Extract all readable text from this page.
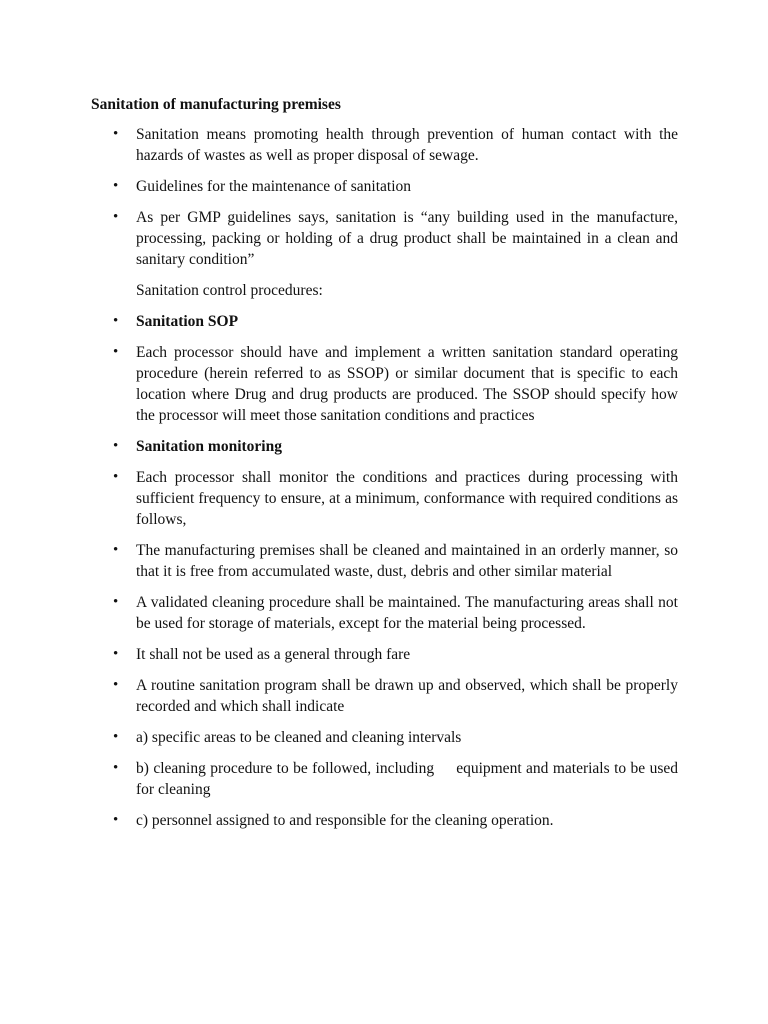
Sanitation of manufacturing premises
• Sanitation means promoting health through prevention of human contact with the hazards of wastes as well as proper disposal of sewage.
• Guidelines for the maintenance of sanitation
• As per GMP guidelines says, sanitation is “any building used in the manufacture, processing, packing or holding of a drug product shall be maintained in a clean and sanitary condition”
Sanitation control procedures:
• Sanitation SOP
• Each processor should have and implement a written sanitation standard operating procedure (herein referred to as SSOP) or similar document that is specific to each location where Drug and drug products are produced. The SSOP should specify how the processor will meet those sanitation conditions and practices
• Sanitation monitoring
• Each processor shall monitor the conditions and practices during processing with sufficient frequency to ensure, at a minimum, conformance with required conditions as follows,
• The manufacturing premises shall be cleaned and maintained in an orderly manner, so that it is free from accumulated waste, dust, debris and other similar material
• A validated cleaning procedure shall be maintained. The manufacturing areas shall not be used for storage of materials, except for the material being processed.
• It shall not be used as a general through fare
• A routine sanitation program shall be drawn up and observed, which shall be properly recorded and which shall indicate
• a) specific areas to be cleaned and cleaning intervals
• b) cleaning procedure to be followed, including     equipment and materials to be used for cleaning
• c) personnel assigned to and responsible for the cleaning operation.
